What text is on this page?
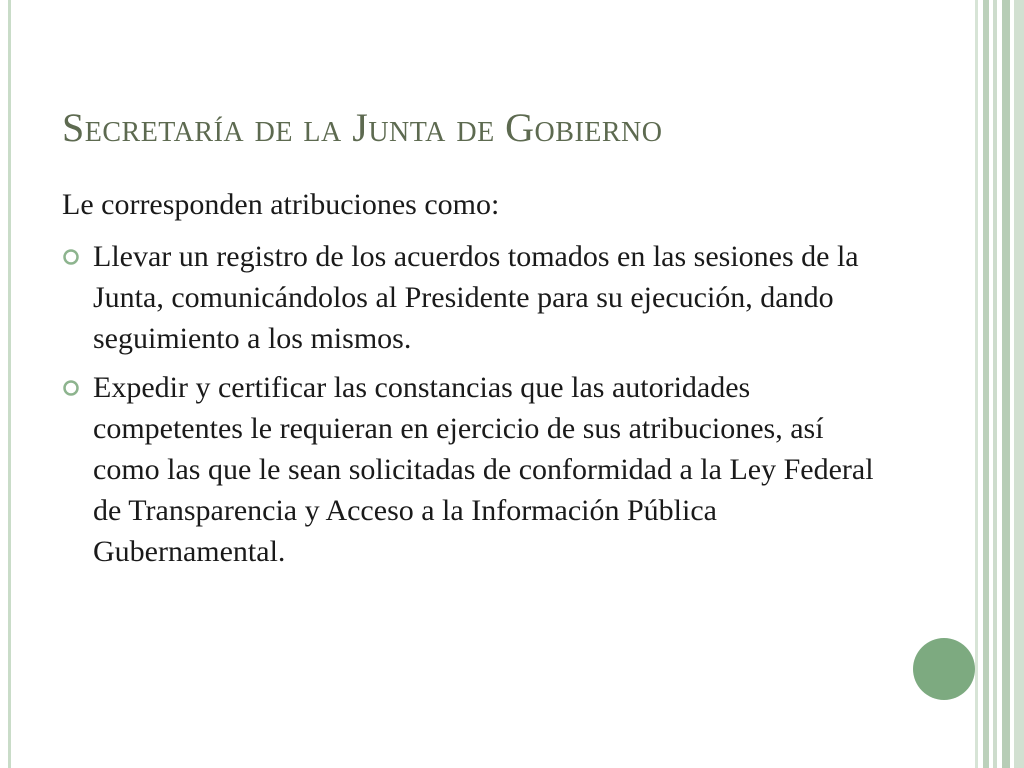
Secretaría de la Junta de Gobierno
Le corresponden atribuciones como:
Llevar un registro de los acuerdos tomados en las sesiones de la Junta, comunicándolos al Presidente para su ejecución, dando seguimiento a los mismos.
Expedir y certificar las constancias que las autoridades competentes le requieran en ejercicio de sus atribuciones, así como las que le sean solicitadas de conformidad a la Ley Federal de Transparencia y Acceso a la Información Pública Gubernamental.
